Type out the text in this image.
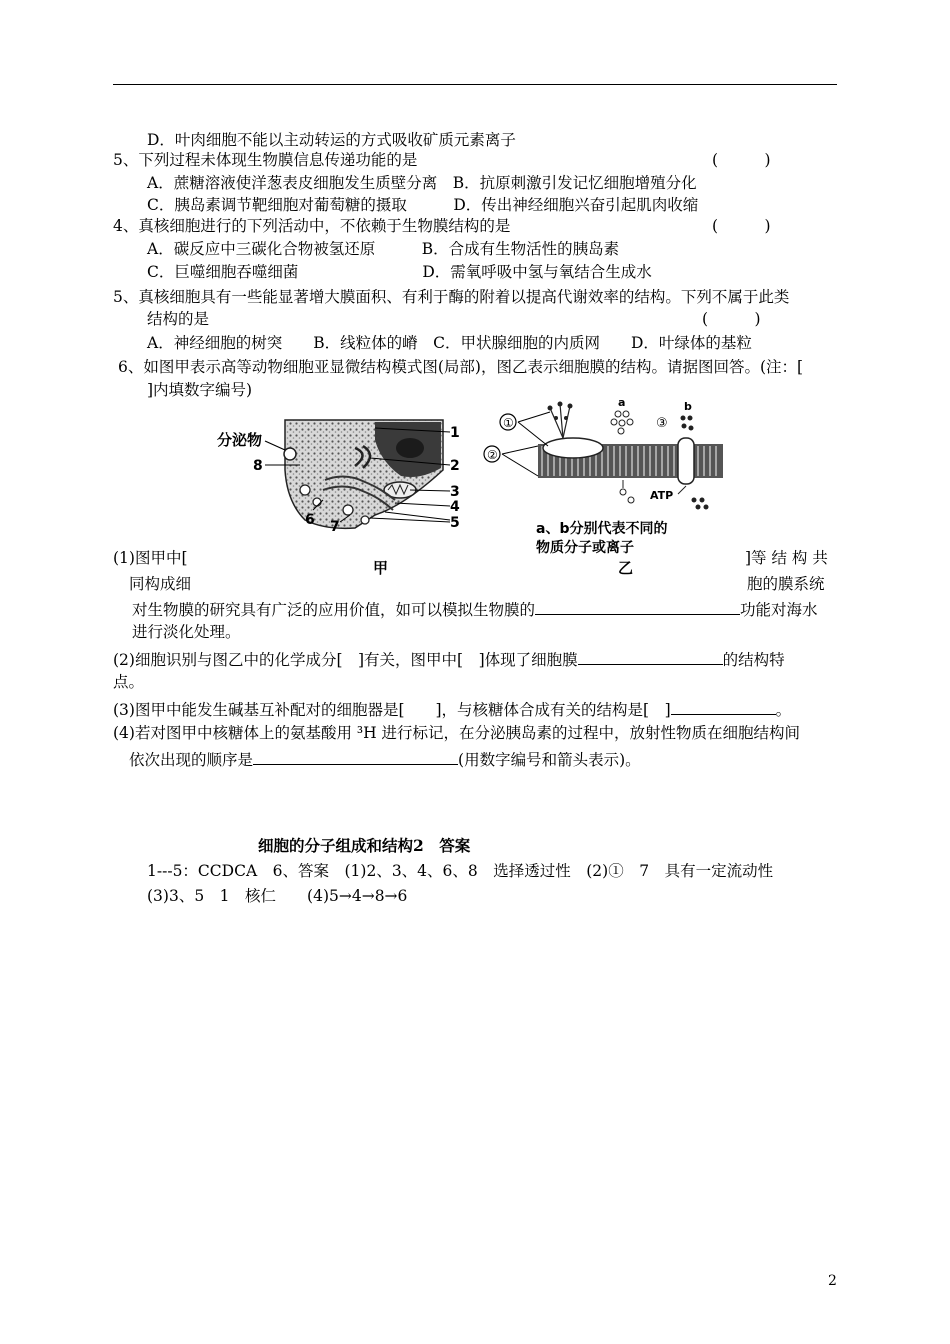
D．叶肉细胞不能以主动转运的方式吸收矿质元素离子
5、下列过程未体现生物膜信息传递功能的是	(　　　)
A．蔗糖溶液使洋葱表皮细胞发生质壁分离　B．抗原刺激引发记忆细胞增殖分化
C．胰岛素调节靶细胞对葡萄糖的摄取　　　D．传出神经细胞兴奋引起肌肉收缩
4、真核细胞进行的下列活动中，不依赖于生物膜结构的是	(　　　)
A．碳反应中三碳化合物被氢还原　　　B．合成有生物活性的胰岛素
C．巨噬细胞吞噬细菌　　　　　　　　D．需氧呼吸中氢与氧结合生成水
5、真核细胞具有一些能显著增大膜面积、有利于酶的附着以提高代谢效率的结构。下列不属于此类
结构的是	(　　　)
A．神经细胞的树突　　B．线粒体的嵴　C．甲状腺细胞的内质网　　D．叶绿体的基粒
6、如图甲表示高等动物细胞亚显微结构模式图(局部)，图乙表示细胞膜的结构。请据图回答。(注：[
]内填数字编号)
分泌物	1
2
3
4
5
6 7
8
甲
①
②
③
a	b
ATP
a、b分别代表不同的
物质分子或离子
乙
(1)图甲中[	]等 结 构 共
同构成细	胞的膜系统
对生物膜的研究具有广泛的应用价值，如可以模拟生物膜的	功能对海水
进行淡化处理。
(2)细胞识别与图乙中的化学成分[　]有关，图甲中[　]体现了细胞膜	的结构特
点。
(3)图甲中能发生碱基互补配对的细胞器是[　　]，与核糖体合成有关的结构是[　]	。
(4)若对图甲中核糖体上的氨基酸用 ³H 进行标记，在分泌胰岛素的过程中，放射性物质在细胞结构间
依次出现的顺序是	(用数字编号和箭头表示)。
细胞的分子组成和结构2　答案
1---5：CCDCA　6、答案　(1)2、3、4、6、8　选择透过性　(2)①　7　具有一定流动性
(3)3、5　1　核仁　　(4)5→4→8→6
2
